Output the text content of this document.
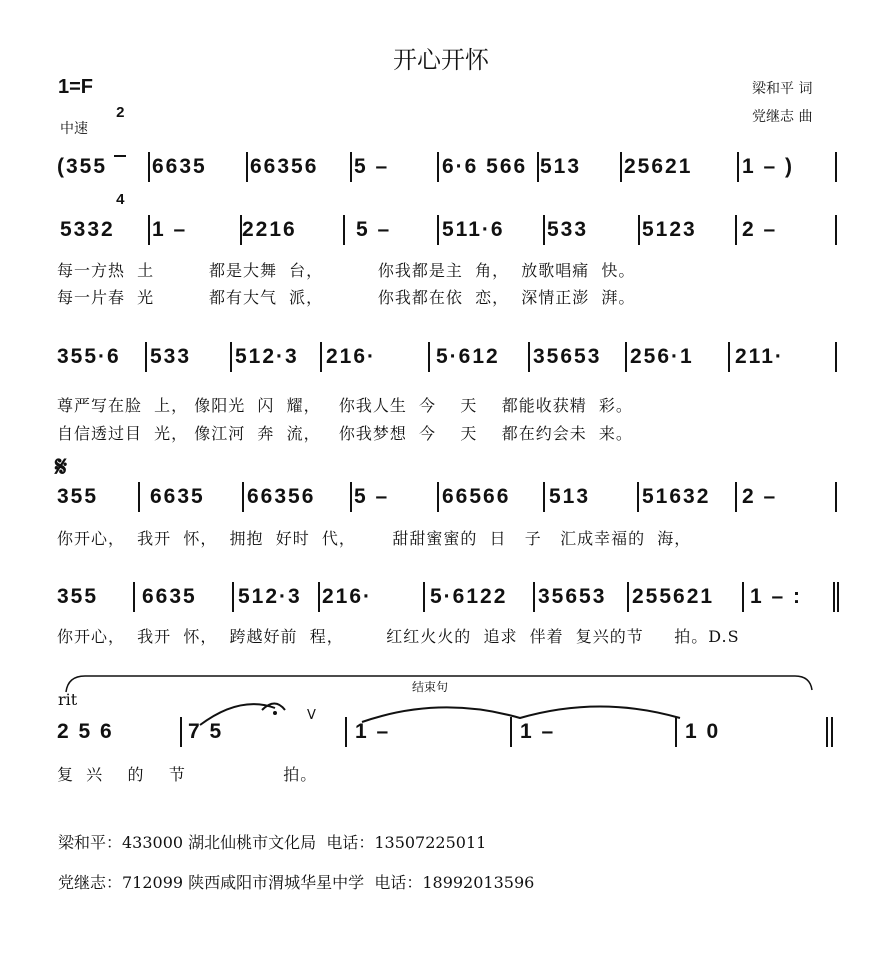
开心开怀
1=F

2

4

中速
梁和平 词
党继志 曲
𝄋
rit
结束句
V
梁和平：433000 湖北仙桃市文化局  电话：13507225011
党继志：712099 陕西咸阳市渭城华星中学  电话：18992013596
(355 6635 66356 5 –	6·6 566 513 25621 1 – )
5332 1 –	2216	5 – 511·6 533	5123 2 –
每一方热  土         都是大舞  台，         你我都是主  角，  放歌唱痛  快。
每一片春  光         都有大气  派，         你我都在依  恋，  深情正澎  湃。
355·6 533 512·3 216·	5·612 35653 256·1 211·
尊严写在脸  上， 像阳光  闪  耀，   你我人生  今    天    都能收获精  彩。
自信透过目  光， 像江河  奔  流，   你我梦想  今    天    都在约会未  来。
355 6635 66356 5 –	66566 513 51632 2 –
你开心，  我开  怀，  拥抱  好时  代，      甜甜蜜蜜的  日   子   汇成幸福的  海，
355 6635 512·3 216·	5·6122 35653 255621 1 – :
你开心，  我开  怀，  跨越好前  程，       红红火火的  追求  伴着  复兴的节     拍。D.S
2 5 6	7 5	1 –	1 –	1 0
复  兴    的    节                拍。
